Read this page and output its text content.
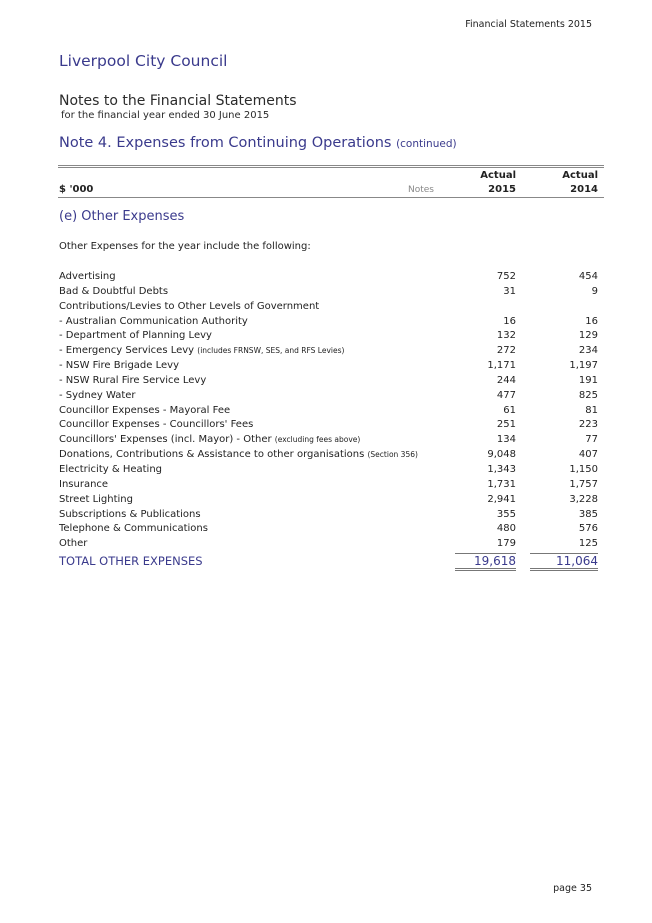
Financial Statements 2015
Liverpool City Council
Notes to the Financial Statements
for the financial year ended 30 June 2015
Note 4. Expenses from Continuing Operations (continued)
Actual	Actual
$ '000	Notes	2015	2014
(e) Other Expenses
Other Expenses for the year include the following:
Advertising	752	454
Bad & Doubtful Debts	31	9
Contributions/Levies to Other Levels of Government
- Australian Communication Authority	16	16
- Department of Planning Levy	132	129
- Emergency Services Levy (includes FRNSW, SES, and RFS Levies)	272	234
- NSW Fire Brigade Levy	1,171	1,197
- NSW Rural Fire Service Levy	244	191
- Sydney Water	477	825
Councillor Expenses - Mayoral Fee	61	81
Councillor Expenses - Councillors' Fees	251	223
Councillors' Expenses (incl. Mayor) - Other (excluding fees above)	134	77
Donations, Contributions & Assistance to other organisations (Section 356)	9,048	407
Electricity & Heating	1,343	1,150
Insurance	1,731	1,757
Street Lighting	2,941	3,228
Subscriptions & Publications	355	385
Telephone & Communications	480	576
Other	179	125
TOTAL OTHER EXPENSES	19,618	11,064
page 35
